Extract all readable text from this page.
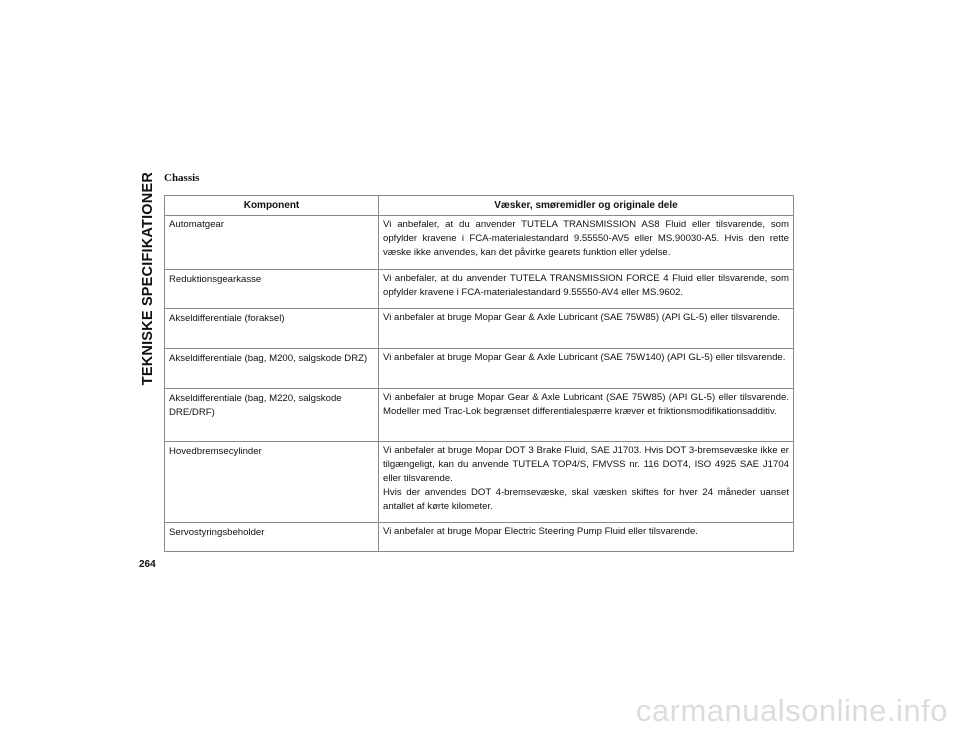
TEKNISKE SPECIFIKATIONER Chassis
Komponent	Væsker, smøremidler og originale dele
Automatgear	Vi anbefaler, at du anvender TUTELA TRANSMISSION AS8 Fluid eller tilsvarende, som opfylder kravene i FCA-materialestandard 9.55550-AV5 eller MS.90030-A5. Hvis den rette væske ikke anvendes, kan det påvirke gearets funktion eller ydelse.
Reduktionsgearkasse	Vi anbefaler, at du anvender TUTELA TRANSMISSION FORCE 4 Fluid eller tilsvarende, som opfylder kravene i FCA-materialestandard 9.55550-AV4 eller MS.9602.
Akseldifferentiale (foraksel)	Vi anbefaler at bruge Mopar Gear & Axle Lubricant (SAE 75W85) (API GL-5) eller tilsvarende.
Akseldifferentiale (bag, M200, salgskode DRZ)	Vi anbefaler at bruge Mopar Gear & Axle Lubricant (SAE 75W140) (API GL-5) eller tilsvarende.
Akseldifferentiale (bag, M220, salgskode DRE/DRF)	Vi anbefaler at bruge Mopar Gear & Axle Lubricant (SAE 75W85) (API GL-5) eller tilsvarende. Modeller med Trac-Lok begrænset differentialespærre kræver et friktionsmodifikationsadditiv.
Hovedbremsecylinder	Vi anbefaler at bruge Mopar DOT 3 Brake Fluid, SAE J1703. Hvis DOT 3-bremsevæske ikke er tilgængeligt, kan du anvende TUTELA TOP4/S, FMVSS nr. 116 DOT4, ISO 4925 SAE J1704 eller tilsvarende.
Hvis der anvendes DOT 4-bremsevæske, skal væsken skiftes for hver 24 måneder uanset antallet af kørte kilometer.
Servostyringsbeholder	Vi anbefaler at bruge Mopar Electric Steering Pump Fluid eller tilsvarende.
264
carmanualsonline.info
